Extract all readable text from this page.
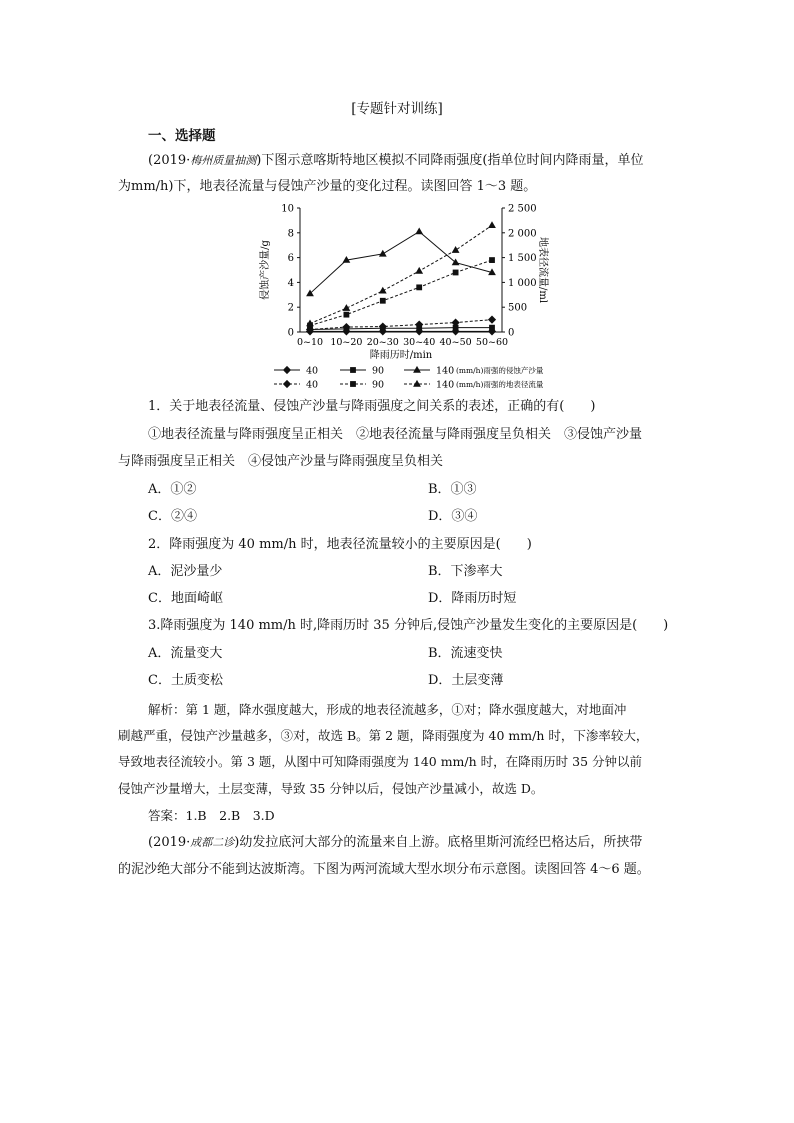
[专题针对训练]
一、选择题
(2019·梅州质量抽测)下图示意喀斯特地区模拟不同降雨强度(指单位时间内降雨量，单位
为mm/h)下，地表径流量与侵蚀产沙量的变化过程。读图回答 1～3 题。
0
2
4
6
8
10
0
500
1 000
1 500
2 000
2 500
0~10 10~20 20~30 30~40 40~50 50~60
降雨历时/min
侵蚀产沙量/g	地表径流量/ml
40	90	140 (mm/h)雨强的侵蚀产沙量
40	90	140 (mm/h)雨强的地表径流量
1．关于地表径流量、侵蚀产沙量与降雨强度之间关系的表述，正确的有(　　)
①地表径流量与降雨强度呈正相关　②地表径流量与降雨强度呈负相关　③侵蚀产沙量
与降雨强度呈正相关　④侵蚀产沙量与降雨强度呈负相关
A．①②	B．①③
C．②④	D．③④
2．降雨强度为 40 mm/h 时，地表径流量较小的主要原因是(　　)
A．泥沙量少	B．下渗率大
C．地面崎岖	D．降雨历时短
3.降雨强度为 140 mm/h 时,降雨历时 35 分钟后,侵蚀产沙量发生变化的主要原因是(　　)
A．流量变大	B．流速变快
C．土质变松	D．土层变薄
解析：第 1 题，降水强度越大，形成的地表径流越多，①对；降水强度越大，对地面冲
刷越严重，侵蚀产沙量越多，③对，故选 B。第 2 题，降雨强度为 40 mm/h 时，下渗率较大，
导致地表径流较小。第 3 题，从图中可知降雨强度为 140 mm/h 时，在降雨历时 35 分钟以前
侵蚀产沙量增大，土层变薄，导致 35 分钟以后，侵蚀产沙量减小，故选 D。
答案：1.B　2.B　3.D
(2019·成都二诊)幼发拉底河大部分的流量来自上游。底格里斯河流经巴格达后，所挟带
的泥沙绝大部分不能到达波斯湾。下图为两河流域大型水坝分布示意图。读图回答 4～6 题。
